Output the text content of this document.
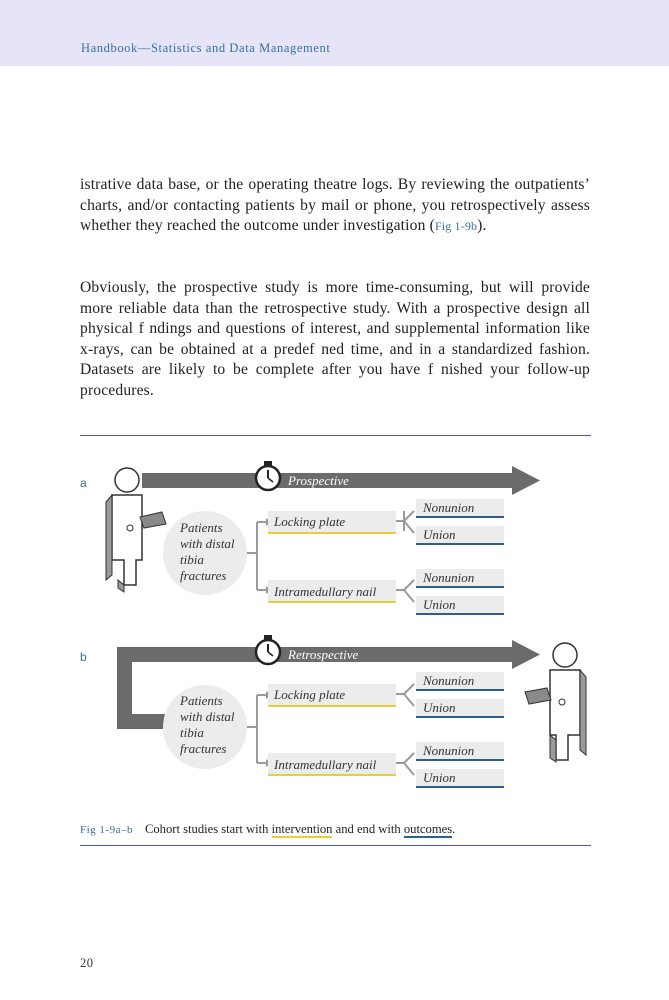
Handbook—Statistics and Data Management

istrative data base, or the operating theatre logs. By reviewing the outpatients’ charts, and/or contacting patients by mail or phone, you retrospectively assess whether they reached the outcome under investigation (Fig 1-9b).

Obviously, the prospective study is more time-consuming, but will provide more reliable data than the retrospective study. With a prospective design all physical f ndings and questions of interest, and supplemental information like x-rays, can be obtained at a predef ned time, and in a standardized fashion. Datasets are likely to be complete after you have f nished your follow-up procedures.

a
b
Prospective
Patients with distal tibia fractures
Locking plate
Intramedullary nail
Nonunion
Union
Nonunion
Union
Retrospective
Patients with distal tibia fractures
Locking plate
Intramedullary nail
Nonunion
Union
Nonunion
Union
Fig 1-9a–b Cohort studies start with intervention and end with outcomes.
20
